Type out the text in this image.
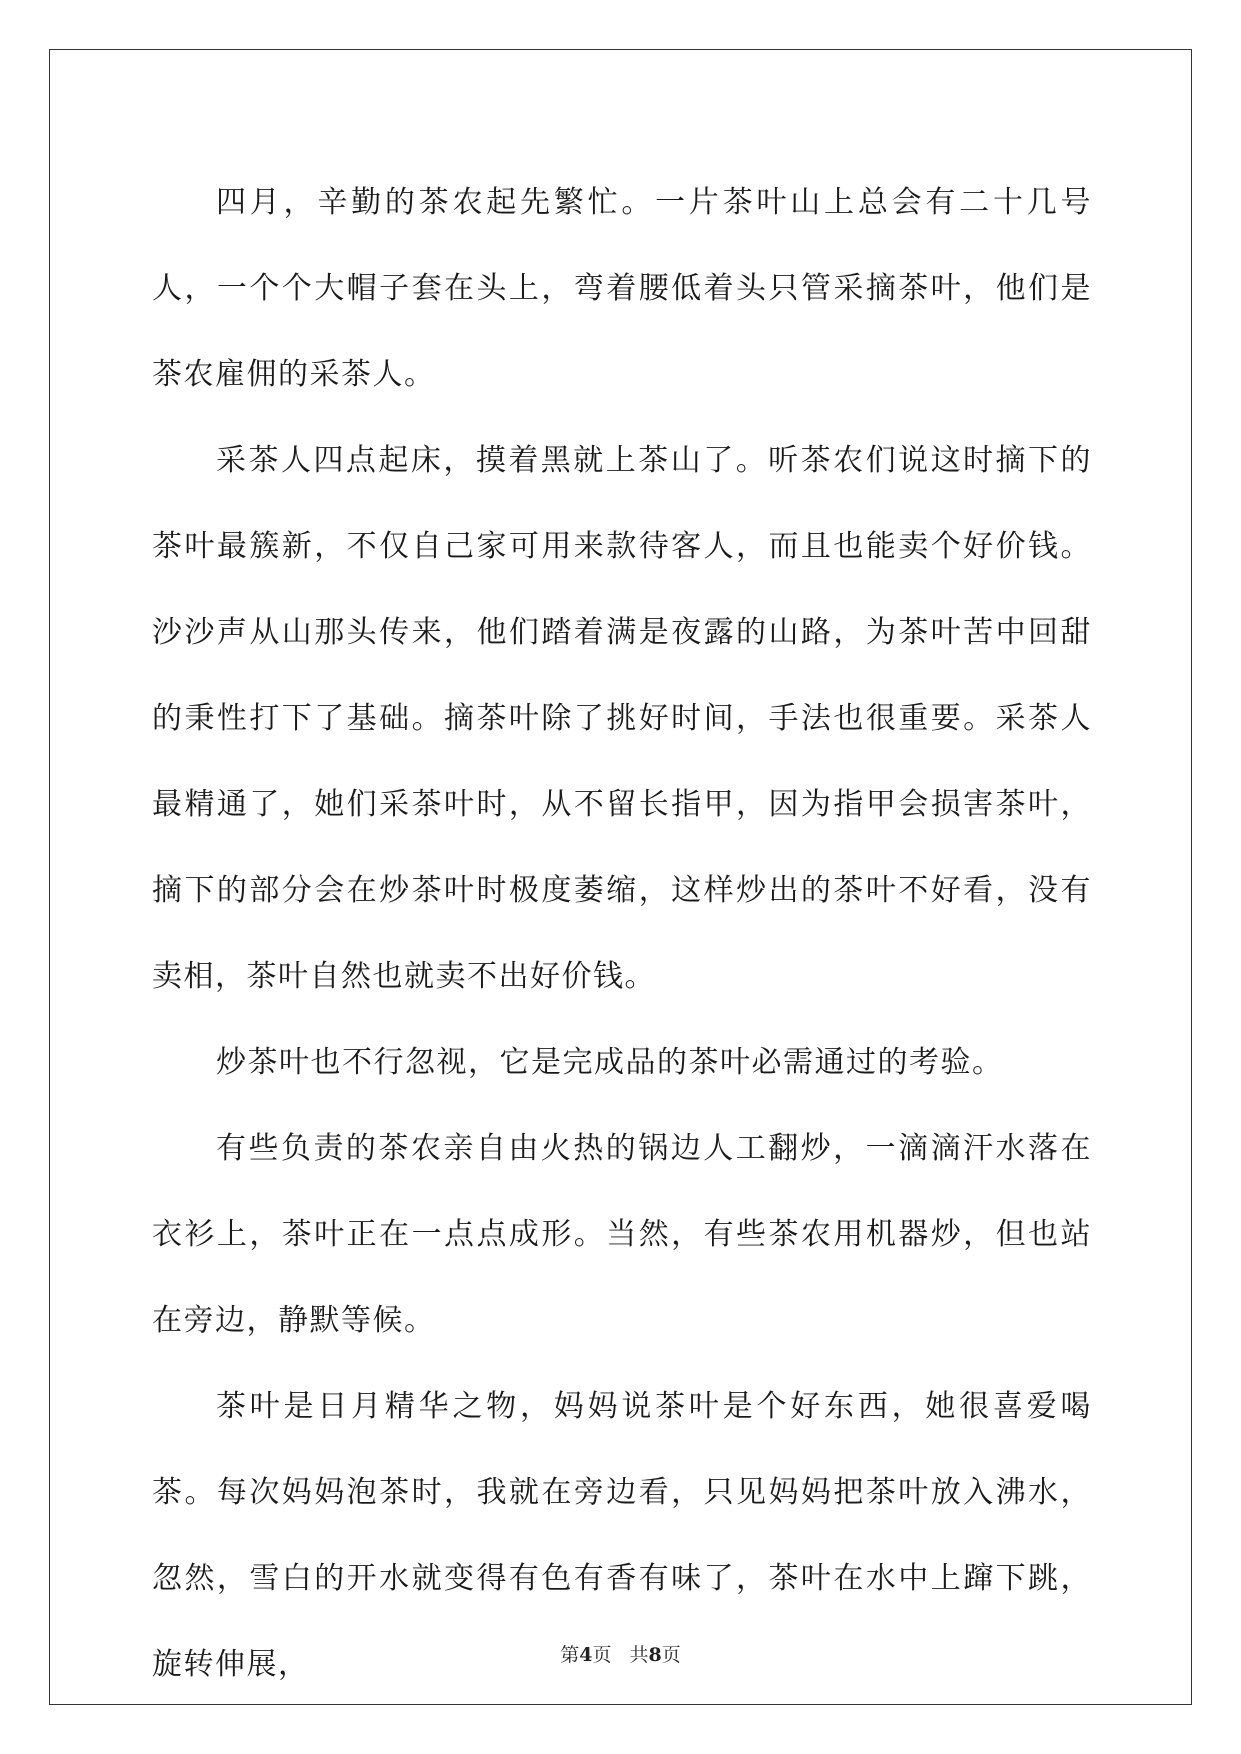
四月，辛勤的茶农起先繁忙。一片茶叶山上总会有二十几号人，一个个大帽子套在头上，弯着腰低着头只管采摘茶叶，他们是茶农雇佣的采茶人。

采茶人四点起床，摸着黑就上茶山了。听茶农们说这时摘下的茶叶最簇新，不仅自己家可用来款待客人，而且也能卖个好价钱。沙沙声从山那头传来，他们踏着满是夜露的山路，为茶叶苦中回甜的秉性打下了基础。摘茶叶除了挑好时间，手法也很重要。采茶人最精通了，她们采茶叶时，从不留长指甲，因为指甲会损害茶叶，摘下的部分会在炒茶叶时极度萎缩，这样炒出的茶叶不好看，没有卖相，茶叶自然也就卖不出好价钱。

炒茶叶也不行忽视，它是完成品的茶叶必需通过的考验。

有些负责的茶农亲自由火热的锅边人工翻炒，一滴滴汗水落在衣衫上，茶叶正在一点点成形。当然，有些茶农用机器炒，但也站在旁边，静默等候。

茶叶是日月精华之物，妈妈说茶叶是个好东西，她很喜爱喝茶。每次妈妈泡茶时，我就在旁边看，只见妈妈把茶叶放入沸水，忽然，雪白的开水就变得有色有香有味了，茶叶在水中上蹿下跳，旋转伸展，	第4页 共8页
